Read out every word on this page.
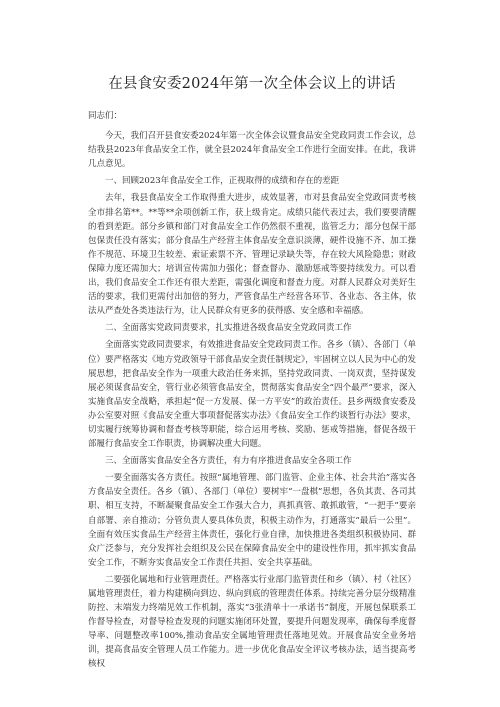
在县食安委2024年第一次全体会议上的讲话

同志们：

今天，我们召开县食安委2024年第一次全体会议暨食品安全党政同责工作会议，总结我县2023年食品安全工作，就全县2024年食品安全工作进行全面安排。在此，我讲几点意见。

一、回顾2023年食品安全工作，正视取得的成绩和存在的差距

去年，我县食品安全工作取得重大进步，成效显著，市对县食品安全党政同责考核全市排名第**。**等**余项创新工作，获上级肯定。成绩只能代表过去，我们要要清醒的看到差距。部分乡镇和部门对食品安全工作仍然很不重视，监管乏力；部分包保干部包保责任没有落实；部分食品生产经营主体食品安全意识淡薄，硬件设施不齐、加工操作不规范、环境卫生较差、索证索票不齐、管理记录缺失等，存在较大风险隐患；财政保障力度还需加大；培训宣传需加力强化；督查督办、激励惩戒等要持续发力。可以看出，我们食品安全工作还有很大差距，需强化调度和督查力度。对群人民群众对美好生活的要求，我们更需付出加倍的努力，严管食品生产经营各环节、各业态、各主体，依法从严查处各类违法行为，让人民群众有更多的获得感、安全感和幸福感。

二、全面落实党政同责要求，扎实推进各级食品安全党政同责工作

全面落实党政同责要求，有效推进食品安全党政同责工作。各乡（镇）、各部门（单位）要严格落实《地方党政领导干部食品安全责任制规定》，牢固树立以人民为中心的发展思想，把食品安全作为一项重大政治任务来抓，坚持党政同责、一岗双责，坚持谋发展必须谋食品安全，管行业必须管食品安全，贯彻落实食品安全“四个最严”要求，深入实施食品安全战略，承担起“促一方发展、保一方平安”的政治责任。县乡两级食安委及办公室要对照《食品安全重大事项督促落实办法》《食品安全工作约谈暂行办法》要求，切实履行统筹协调和督查考核等职能，综合运用考核、奖励、惩戒等措施，督促各级干部履行食品安全工作职责，协调解决重大问题。

三、全面落实食品安全各方责任，有力有序推进食品安全各项工作

一要全面落实各方责任。按照“属地管理、部门监管、企业主体、社会共治”落实各方食品安全责任。各乡（镇）、各部门（单位）要树牢“一盘棋”思想，各负其责、各司其职、相互支持，不断凝聚食品安全工作强大合力，真抓真管、敢抓敢管，“一把手”要亲自部署、亲自推动；分管负责人要具体负责，积极主动作为，打通落实“最后一公里”。全面有效压实食品生产经营主体责任，强化行业自律，加快推进各类组织积极协同、群众广泛参与，充分发挥社会组织及公民在保障食品安全中的建设性作用，抓牢抓实食品安全工作，不断夯实食品安全工作责任共担、安全共享基础。

二要强化属地和行业管理责任。严格落实行业部门监管责任和乡（镇）、村（社区）属地管理责任，着力构建横向到边、纵向到底的管理责任体系。持续完善分层分级精准防控、末端发力终端见效工作机制，落实“3张清单十一承诺书”制度，开展包保联系工作督导检查，对督导检查发现的问题实施闭环处置，要提升问题发现率，确保每季度督导率、问题整改率100%,推动食品安全属地管理责任落地见效。开展食品安全业务培训，提高食品安全管理人员工作能力。进一步优化食品安全评议考核办法，适当提高考核权
